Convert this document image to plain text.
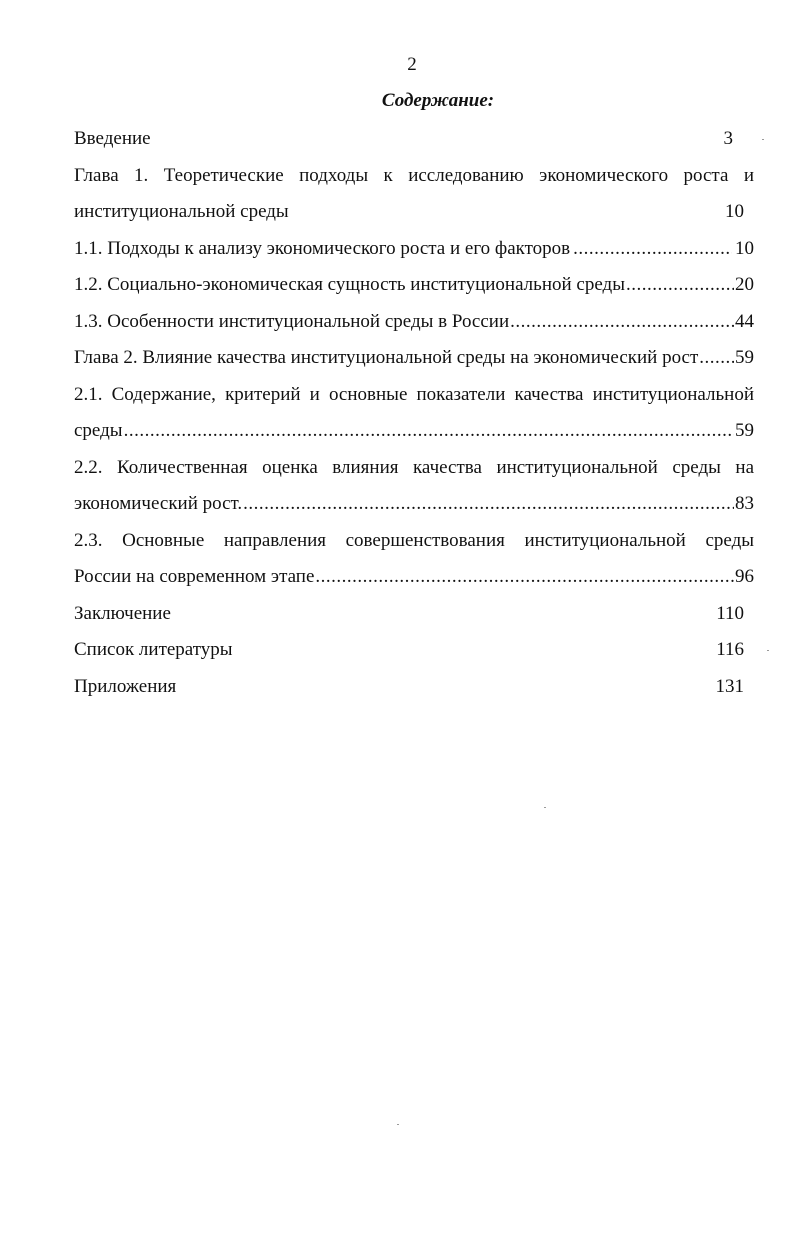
2
Содержание:
Введение	3
Глава 1. Теоретические подходы к исследованию экономического роста и
институциональной среды	10
1.1. Подходы к анализу экономического роста и его факторов .....	10
1.2. Социально-экономическая сущность институциональной среды .....	20
1.3. Особенности институциональной среды в России .....	44
Глава 2. Влияние качества институциональной среды на экономический рост ..... 59
2.1. Содержание, критерий и основные показатели качества институциональной
среды .....	59
2.2. Количественная оценка влияния качества институциональной среды на
экономический рост. .....	83
2.3. Основные направления совершенствования институциональной среды
России на современном этапе .....	96
Заключение	110
Список литературы	116
Приложения	131
